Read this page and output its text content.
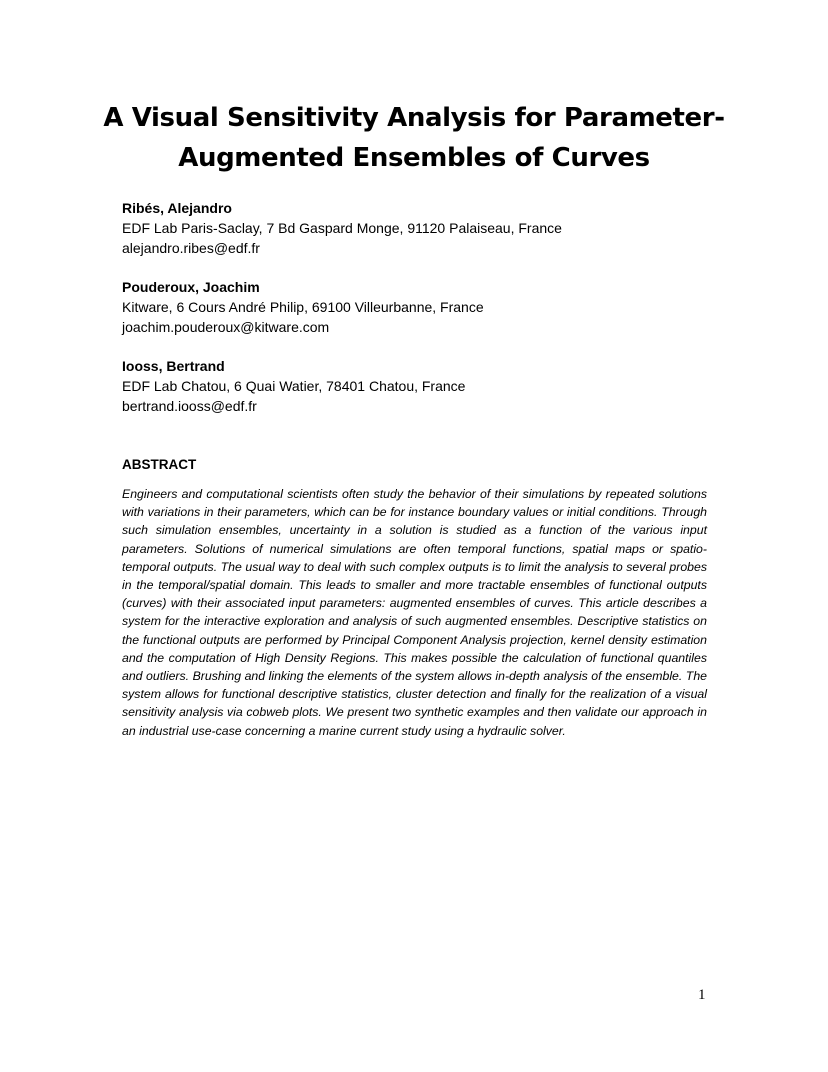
A Visual Sensitivity Analysis for Parameter-
Augmented Ensembles of Curves
Ribés, Alejandro
EDF Lab Paris-Saclay, 7 Bd Gaspard Monge, 91120 Palaiseau, France
alejandro.ribes@edf.fr
Pouderoux, Joachim
Kitware, 6 Cours André Philip, 69100 Villeurbanne, France
joachim.pouderoux@kitware.com
Iooss, Bertrand
EDF Lab Chatou, 6 Quai Watier, 78401 Chatou, France
bertrand.iooss@edf.fr
ABSTRACT

Engineers and computational scientists often study the behavior of their simulations by repeated solutions with variations in their parameters, which can be for instance boundary values or initial conditions. Through such simulation ensembles, uncertainty in a solution is studied as a function of the various input parameters. Solutions of numerical simulations are often temporal functions, spatial maps or spatio-temporal outputs. The usual way to deal with such complex outputs is to limit the analysis to several probes in the temporal/spatial domain. This leads to smaller and more tractable ensembles of functional outputs (curves) with their associated input parameters: augmented ensembles of curves. This article describes a system for the interactive exploration and analysis of such augmented ensembles. Descriptive statistics on the functional outputs are performed by Principal Component Analysis projection, kernel density estimation and the computation of High Density Regions. This makes possible the calculation of functional quantiles and outliers. Brushing and linking the elements of the system allows in-depth analysis of the ensemble. The system allows for functional descriptive statistics, cluster detection and finally for the realization of a visual sensitivity analysis via cobweb plots. We present two synthetic examples and then validate our approach in an industrial use-case concerning a marine current study using a hydraulic solver.

1
